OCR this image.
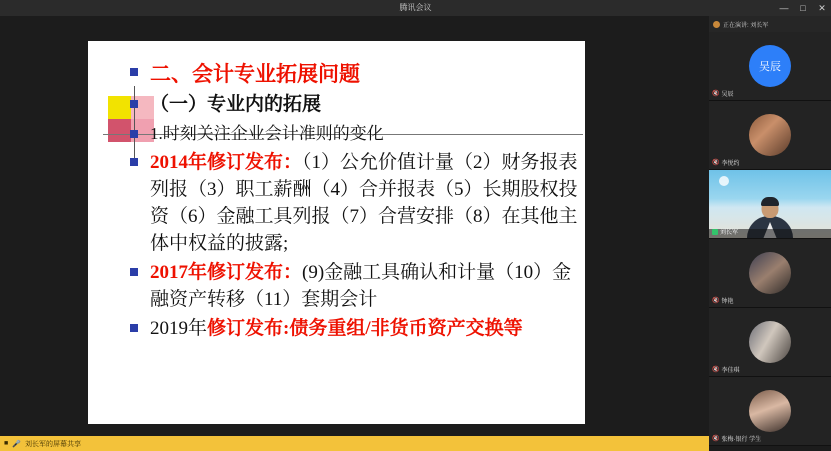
腾讯会议	— □ ✕
二、会计专业拓展问题
（一）专业内的拓展
1.时刻关注企业会计准则的变化
2014年修订发布：（1）公允价值计量（2）财务报表列报（3）职工薪酬（4）合并报表（5）长期股权投资（6）金融工具列报（7）合营安排（8）在其他主体中权益的披露;
2017年修订发布：(9)金融工具确认和计量（10）金融资产转移（11）套期会计
2019年修订发布:债务重组/非货币资产交换等
■ 🎤 刘长军的屏幕共享
正在演讲: 刘长军
吴辰
🔇 吴辰
🔇 李悦约
刘长军
🔇 钟艳
🔇 李佳琪
🔇 张梅·银行 学生
